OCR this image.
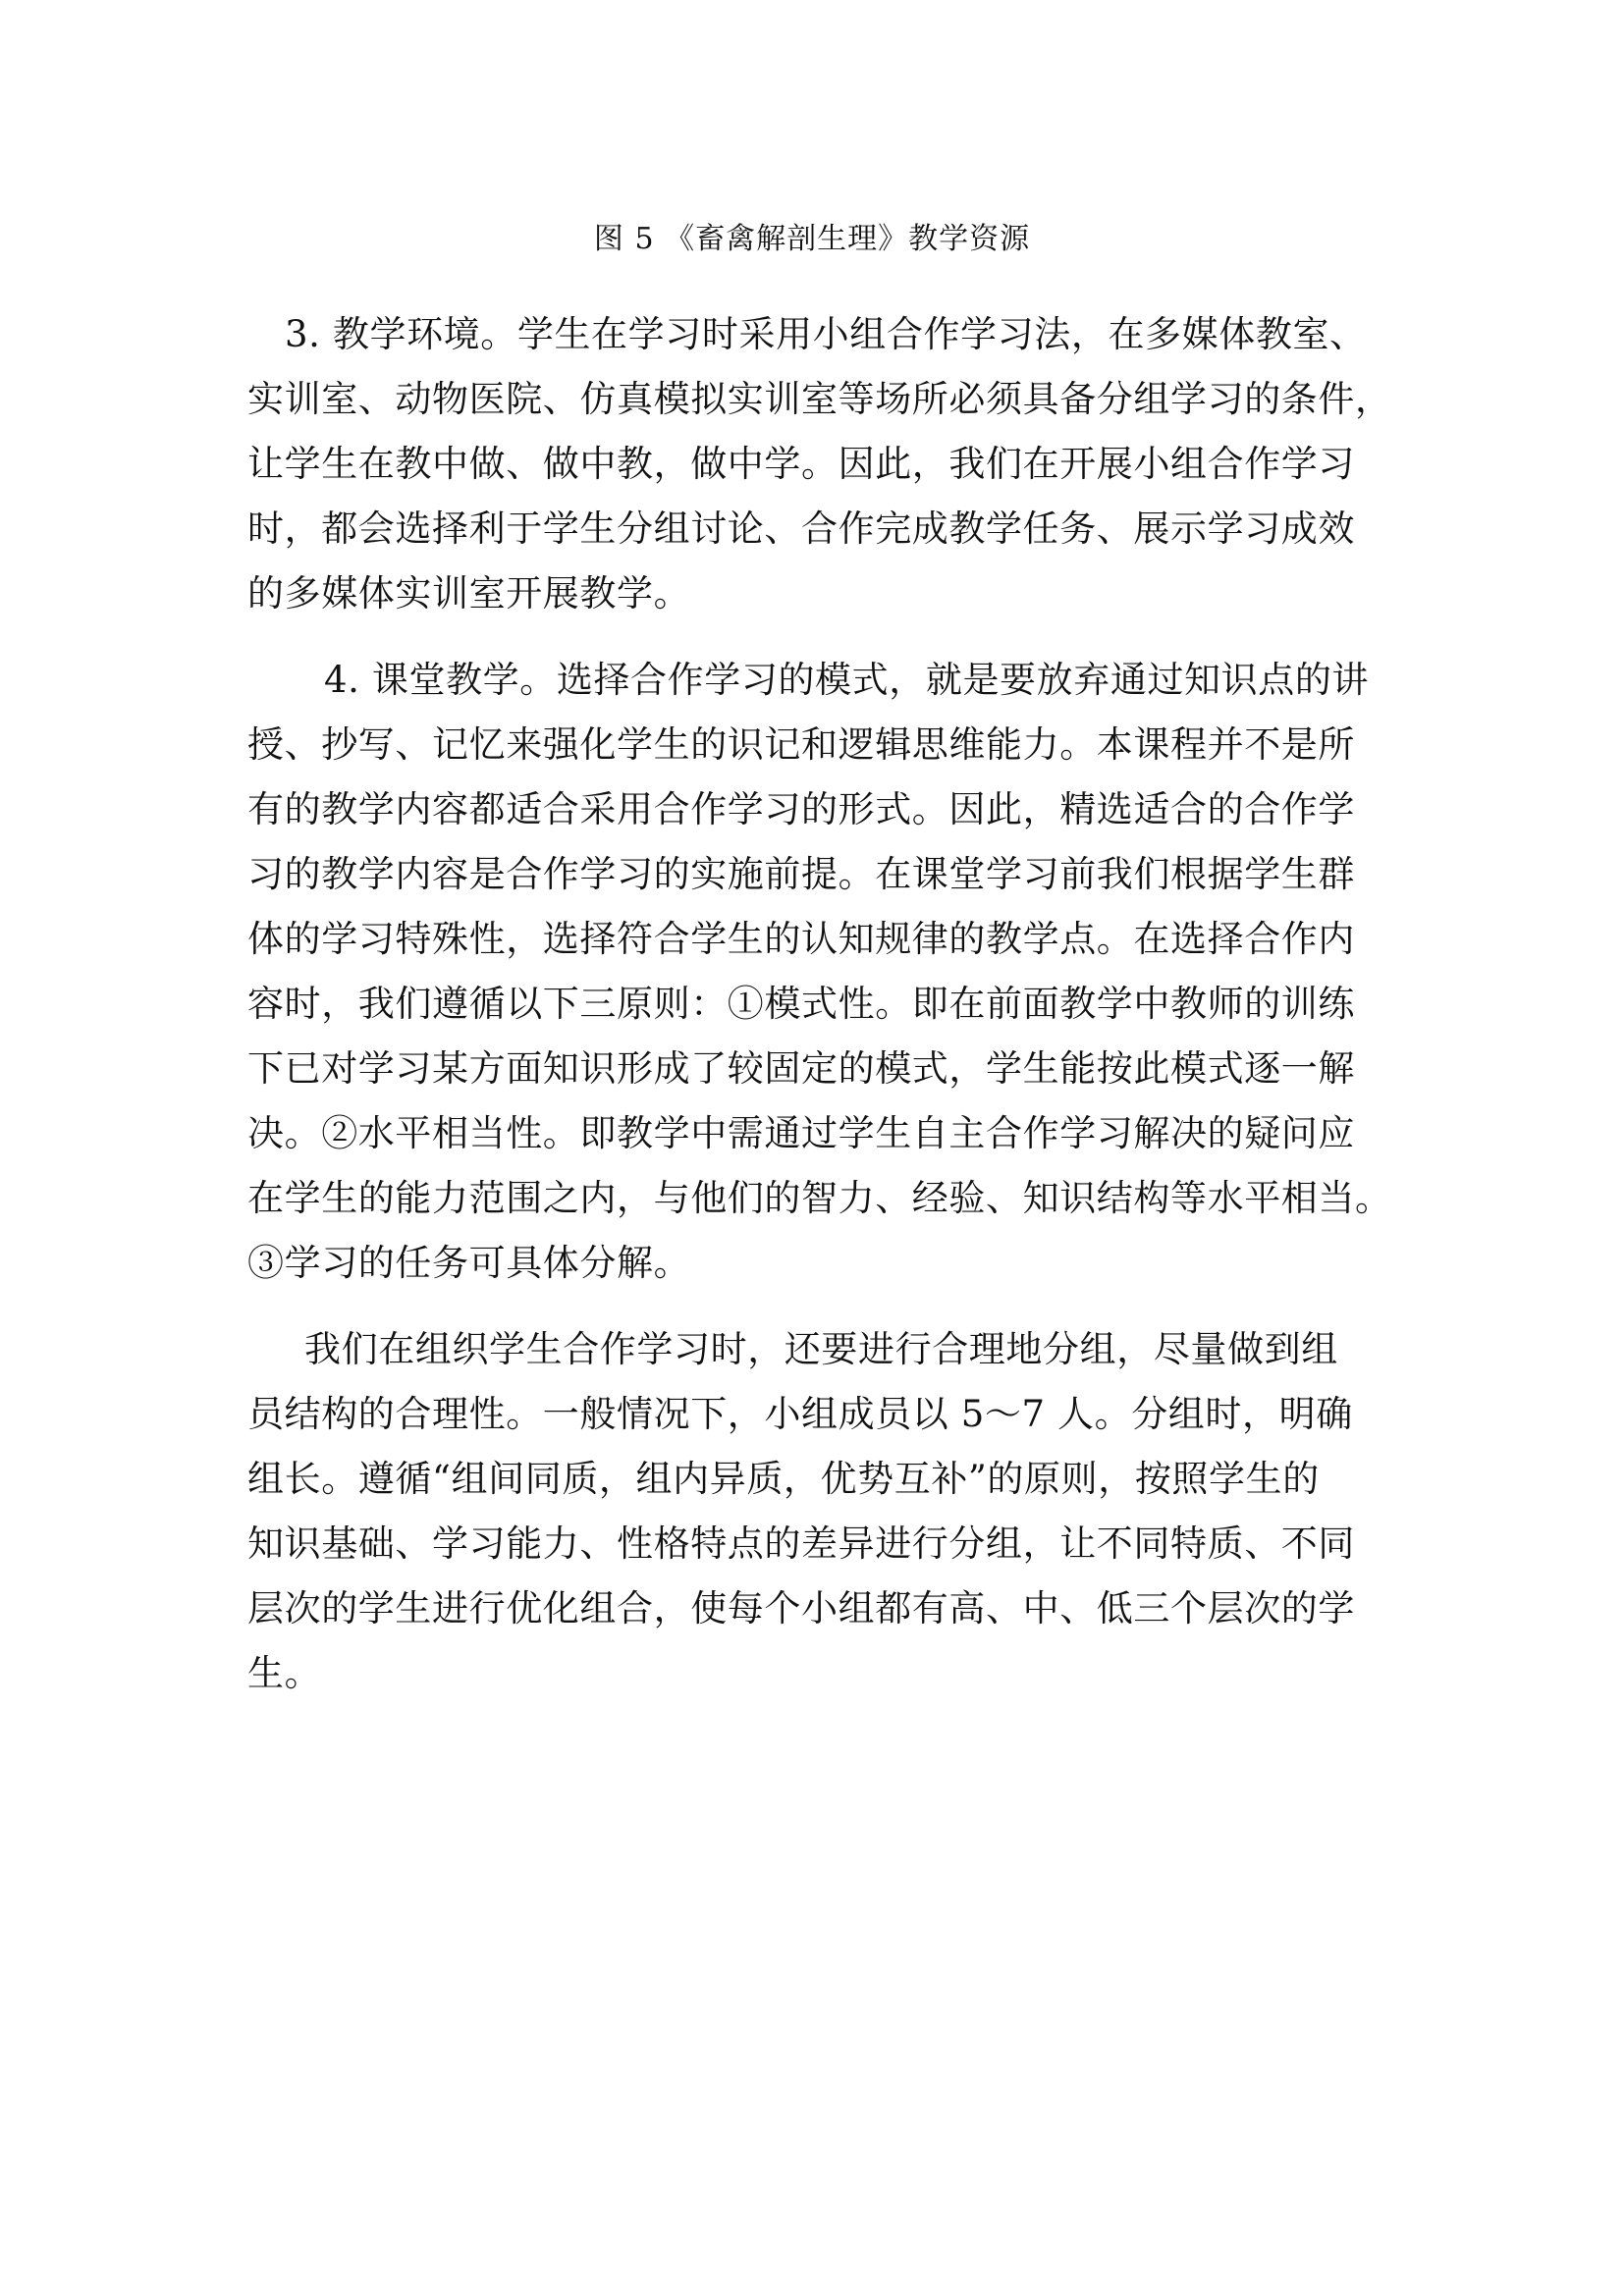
图 5 《畜禽解剖生理》教学资源
3. 教学环境。学生在学习时采用小组合作学习法，在多媒体教室、
实训室、动物医院、仿真模拟实训室等场所必须具备分组学习的条件，
让学生在教中做、做中教，做中学。因此，我们在开展小组合作学习
时，都会选择利于学生分组讨论、合作完成教学任务、展示学习成效
的多媒体实训室开展教学。
4. 课堂教学。选择合作学习的模式，就是要放弃通过知识点的讲
授、抄写、记忆来强化学生的识记和逻辑思维能力。本课程并不是所
有的教学内容都适合采用合作学习的形式。因此，精选适合的合作学
习的教学内容是合作学习的实施前提。在课堂学习前我们根据学生群
体的学习特殊性，选择符合学生的认知规律的教学点。在选择合作内
容时，我们遵循以下三原则：①模式性。即在前面教学中教师的训练
下已对学习某方面知识形成了较固定的模式，学生能按此模式逐一解
决。②水平相当性。即教学中需通过学生自主合作学习解决的疑问应
在学生的能力范围之内，与他们的智力、经验、知识结构等水平相当。
③学习的任务可具体分解。
我们在组织学生合作学习时，还要进行合理地分组，尽量做到组
员结构的合理性。一般情况下，小组成员以 5～7 人。分组时，明确
组长。遵循“组间同质，组内异质，优势互补”的原则，按照学生的
知识基础、学习能力、性格特点的差异进行分组，让不同特质、不同
层次的学生进行优化组合，使每个小组都有高、中、低三个层次的学
生。
